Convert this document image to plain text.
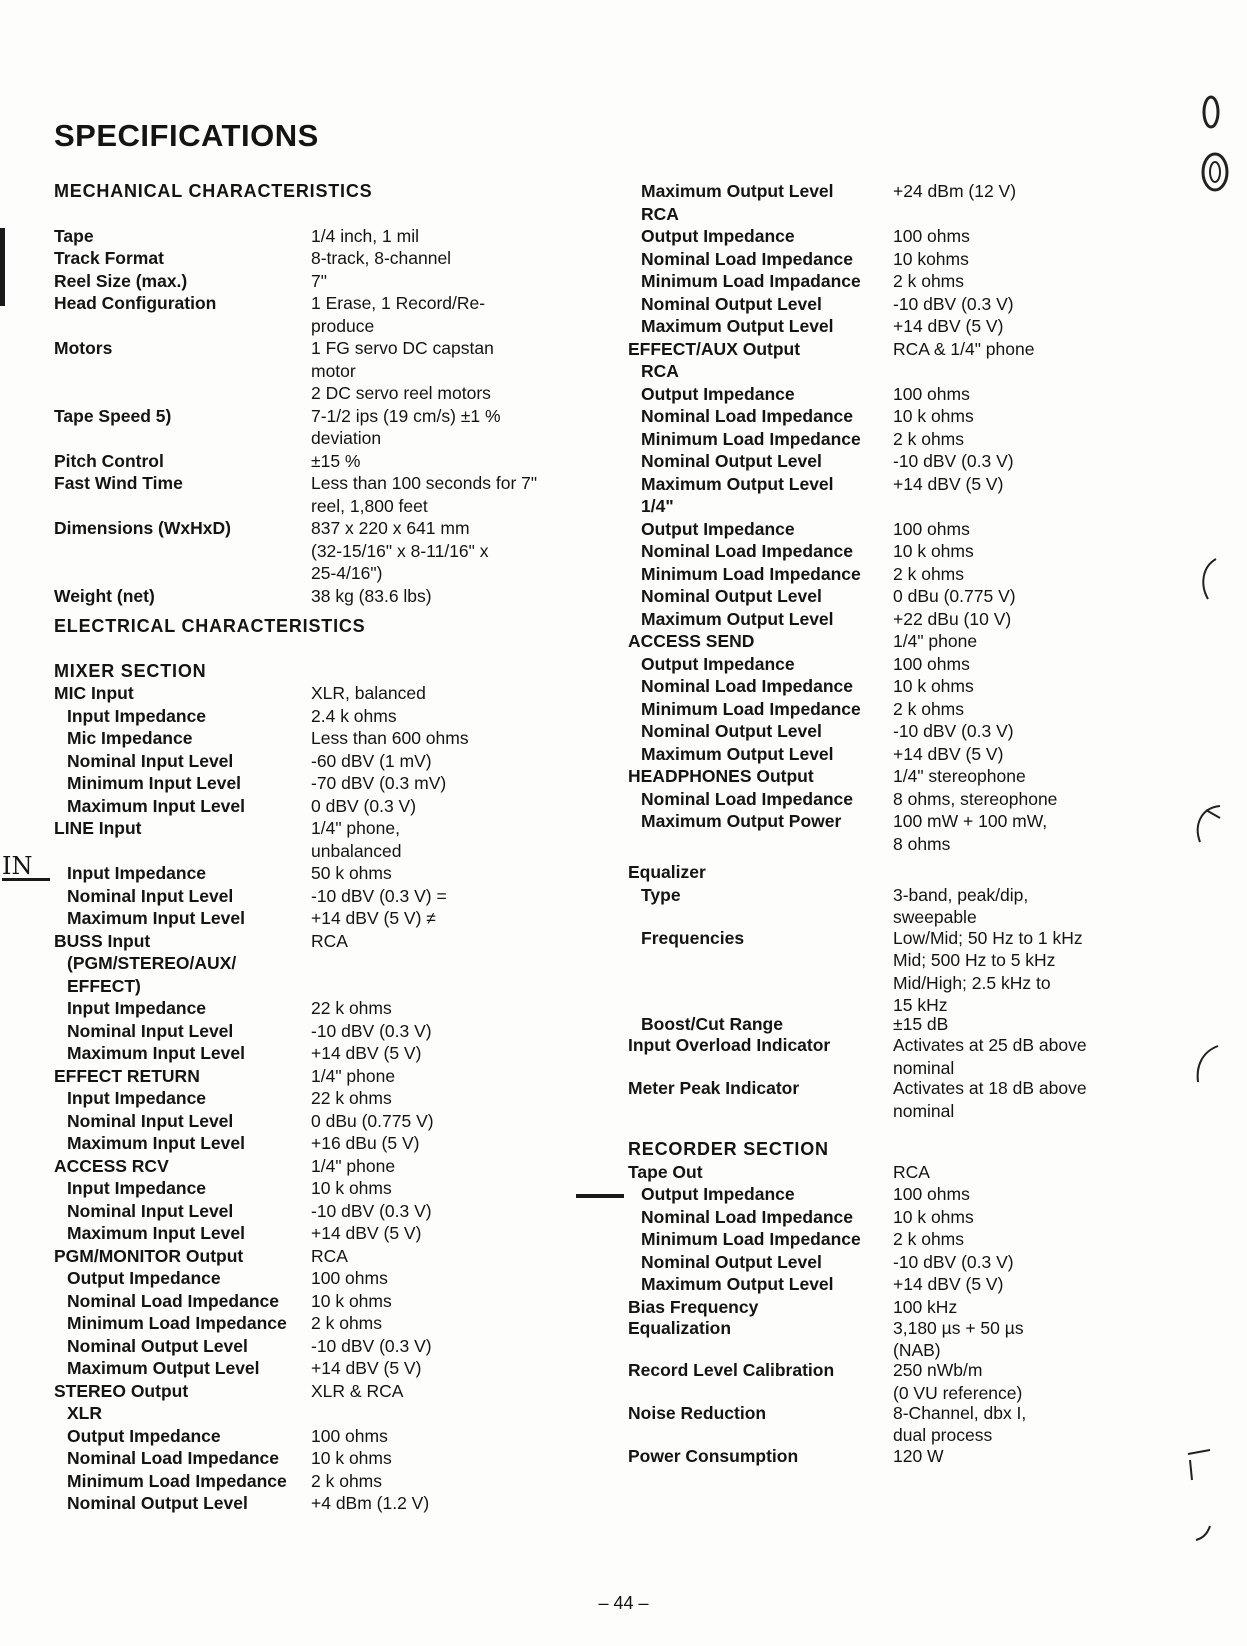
SPECIFICATIONS
IN
MECHANICAL CHARACTERISTICS
Tape	1/4 inch, 1 mil
Track Format	8-track, 8-channel
Reel Size (max.)	7"
Head Configuration	1 Erase, 1 Record/Re-
produce
Motors	1 FG servo DC capstan
motor
2 DC servo reel motors
Tape Speed 5)	7-1/2 ips (19 cm/s) ±1 %
deviation
Pitch Control	±15 %
Fast Wind Time	Less than 100 seconds for 7"
reel, 1,800 feet
Dimensions (WxHxD)	837 x 220 x 641 mm
(32-15/16" x 8-11/16" x
25-4/16")
Weight (net)	38 kg (83.6 lbs)
ELECTRICAL CHARACTERISTICS
MIXER SECTION
MIC Input	XLR, balanced
Input Impedance	2.4 k ohms
Mic Impedance	Less than 600 ohms
Nominal Input Level	-60 dBV (1 mV)
Minimum Input Level	-70 dBV (0.3 mV)
Maximum Input Level	0 dBV (0.3 V)
LINE Input	1/4" phone,
unbalanced
Input Impedance	50 k ohms
Nominal Input Level	-10 dBV (0.3 V) =
Maximum Input Level	+14 dBV (5 V) ≠
BUSS Input	RCA
(PGM/STEREO/AUX/
EFFECT)
Input Impedance	22 k ohms
Nominal Input Level	-10 dBV (0.3 V)
Maximum Input Level	+14 dBV (5 V)
EFFECT RETURN	1/4" phone
Input Impedance	22 k ohms
Nominal Input Level	0 dBu (0.775 V)
Maximum Input Level	+16 dBu (5 V)
ACCESS RCV	1/4" phone
Input Impedance	10 k ohms
Nominal Input Level	-10 dBV (0.3 V)
Maximum Input Level	+14 dBV (5 V)
PGM/MONITOR Output	RCA
Output Impedance	100 ohms
Nominal Load Impedance	10 k ohms
Minimum Load Impedance	2 k ohms
Nominal Output Level	-10 dBV (0.3 V)
Maximum Output Level	+14 dBV (5 V)
STEREO Output	XLR & RCA
XLR
Output Impedance	100 ohms
Nominal Load Impedance	10 k ohms
Minimum Load Impedance	2 k ohms
Nominal Output Level	+4 dBm (1.2 V)
Maximum Output Level	+24 dBm (12 V)
RCA
Output Impedance	100 ohms
Nominal Load Impedance	10 kohms
Minimum Load Impadance	2 k ohms
Nominal Output Level	-10 dBV (0.3 V)
Maximum Output Level	+14 dBV (5 V)
EFFECT/AUX Output	RCA & 1/4" phone
RCA
Output Impedance	100 ohms
Nominal Load Impedance	10 k ohms
Minimum Load Impedance	2 k ohms
Nominal Output Level	-10 dBV (0.3 V)
Maximum Output Level	+14 dBV (5 V)
1/4"
Output Impedance	100 ohms
Nominal Load Impedance	10 k ohms
Minimum Load Impedance	2 k ohms
Nominal Output Level	0 dBu (0.775 V)
Maximum Output Level	+22 dBu (10 V)
ACCESS SEND	1/4" phone
Output Impedance	100 ohms
Nominal Load Impedance	10 k ohms
Minimum Load Impedance	2 k ohms
Nominal Output Level	-10 dBV (0.3 V)
Maximum Output Level	+14 dBV (5 V)
HEADPHONES Output	1/4" stereophone
Nominal Load Impedance	8 ohms, stereophone
Maximum Output Power	100 mW + 100 mW,
8 ohms
Equalizer
Type	3-band, peak/dip,
sweepable
Frequencies	Low/Mid; 50 Hz to 1 kHz
Mid; 500 Hz to 5 kHz
Mid/High; 2.5 kHz to
15 kHz
Boost/Cut Range	±15 dB
Input Overload Indicator	Activates at 25 dB above
nominal
Meter Peak Indicator	Activates at 18 dB above
nominal
RECORDER SECTION
Tape Out	RCA
Output Impedance	100 ohms
Nominal Load Impedance	10 k ohms
Minimum Load Impedance	2 k ohms
Nominal Output Level	-10 dBV (0.3 V)
Maximum Output Level	+14 dBV (5 V)
Bias Frequency	100 kHz
Equalization	3,180 µs + 50 µs
(NAB)
Record Level Calibration	250 nWb/m
(0 VU reference)
Noise Reduction	8-Channel, dbx I,
dual process
Power Consumption	120 W
– 44 –
